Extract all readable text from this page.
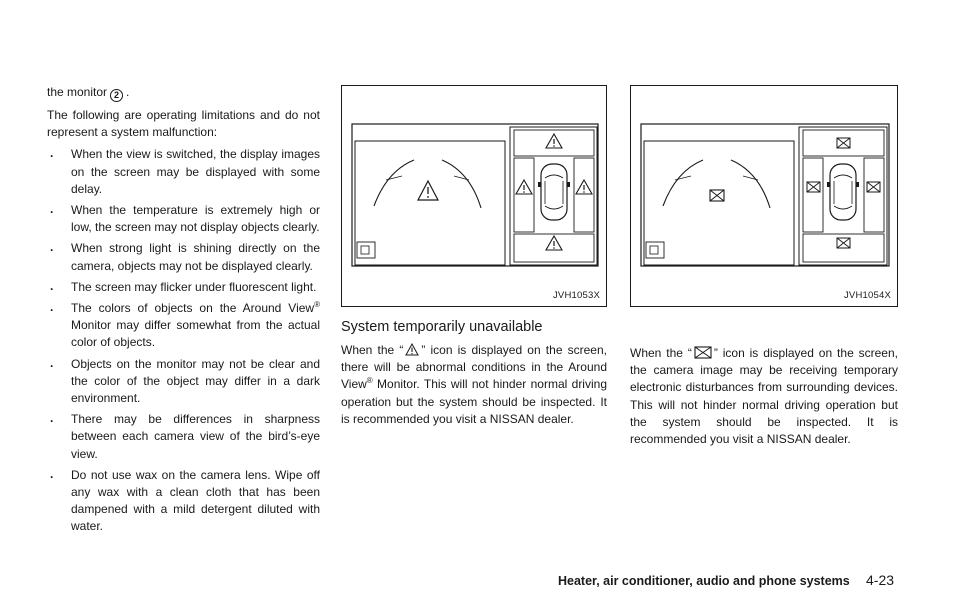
the monitor 2 .

The following are operating limitations and do not represent a system malfunction:

. When the view is switched, the display images on the screen may be displayed with some delay.
. When the temperature is extremely high or low, the screen may not display objects clearly.
. When strong light is shining directly on the camera, objects may not be displayed clearly.
. The screen may flicker under fluorescent light.
. The colors of objects on the Around View® Monitor may differ somewhat from the actual color of objects.
. Objects on the monitor may not be clear and the color of the object may differ in a dark environment.
. There may be differences in sharpness between each camera view of the bird’s-eye view.
. Do not use wax on the camera lens. Wipe off any wax with a clean cloth that has been dampened with a mild detergent diluted with water.
JVH1053X	JVH1054X
System temporarily unavailable

When the “ ” icon is displayed on the screen, there will be abnormal conditions in the Around View® Monitor. This will not hinder normal driving operation but the system should be inspected. It is recommended you visit a NISSAN dealer.

When the “ ” icon is displayed on the screen, the camera image may be receiving temporary electronic disturbances from surrounding devices. This will not hinder normal driving operation but the system should be inspected. It is recommended you visit a NISSAN dealer.

Heater, air conditioner, audio and phone systems 4-23
